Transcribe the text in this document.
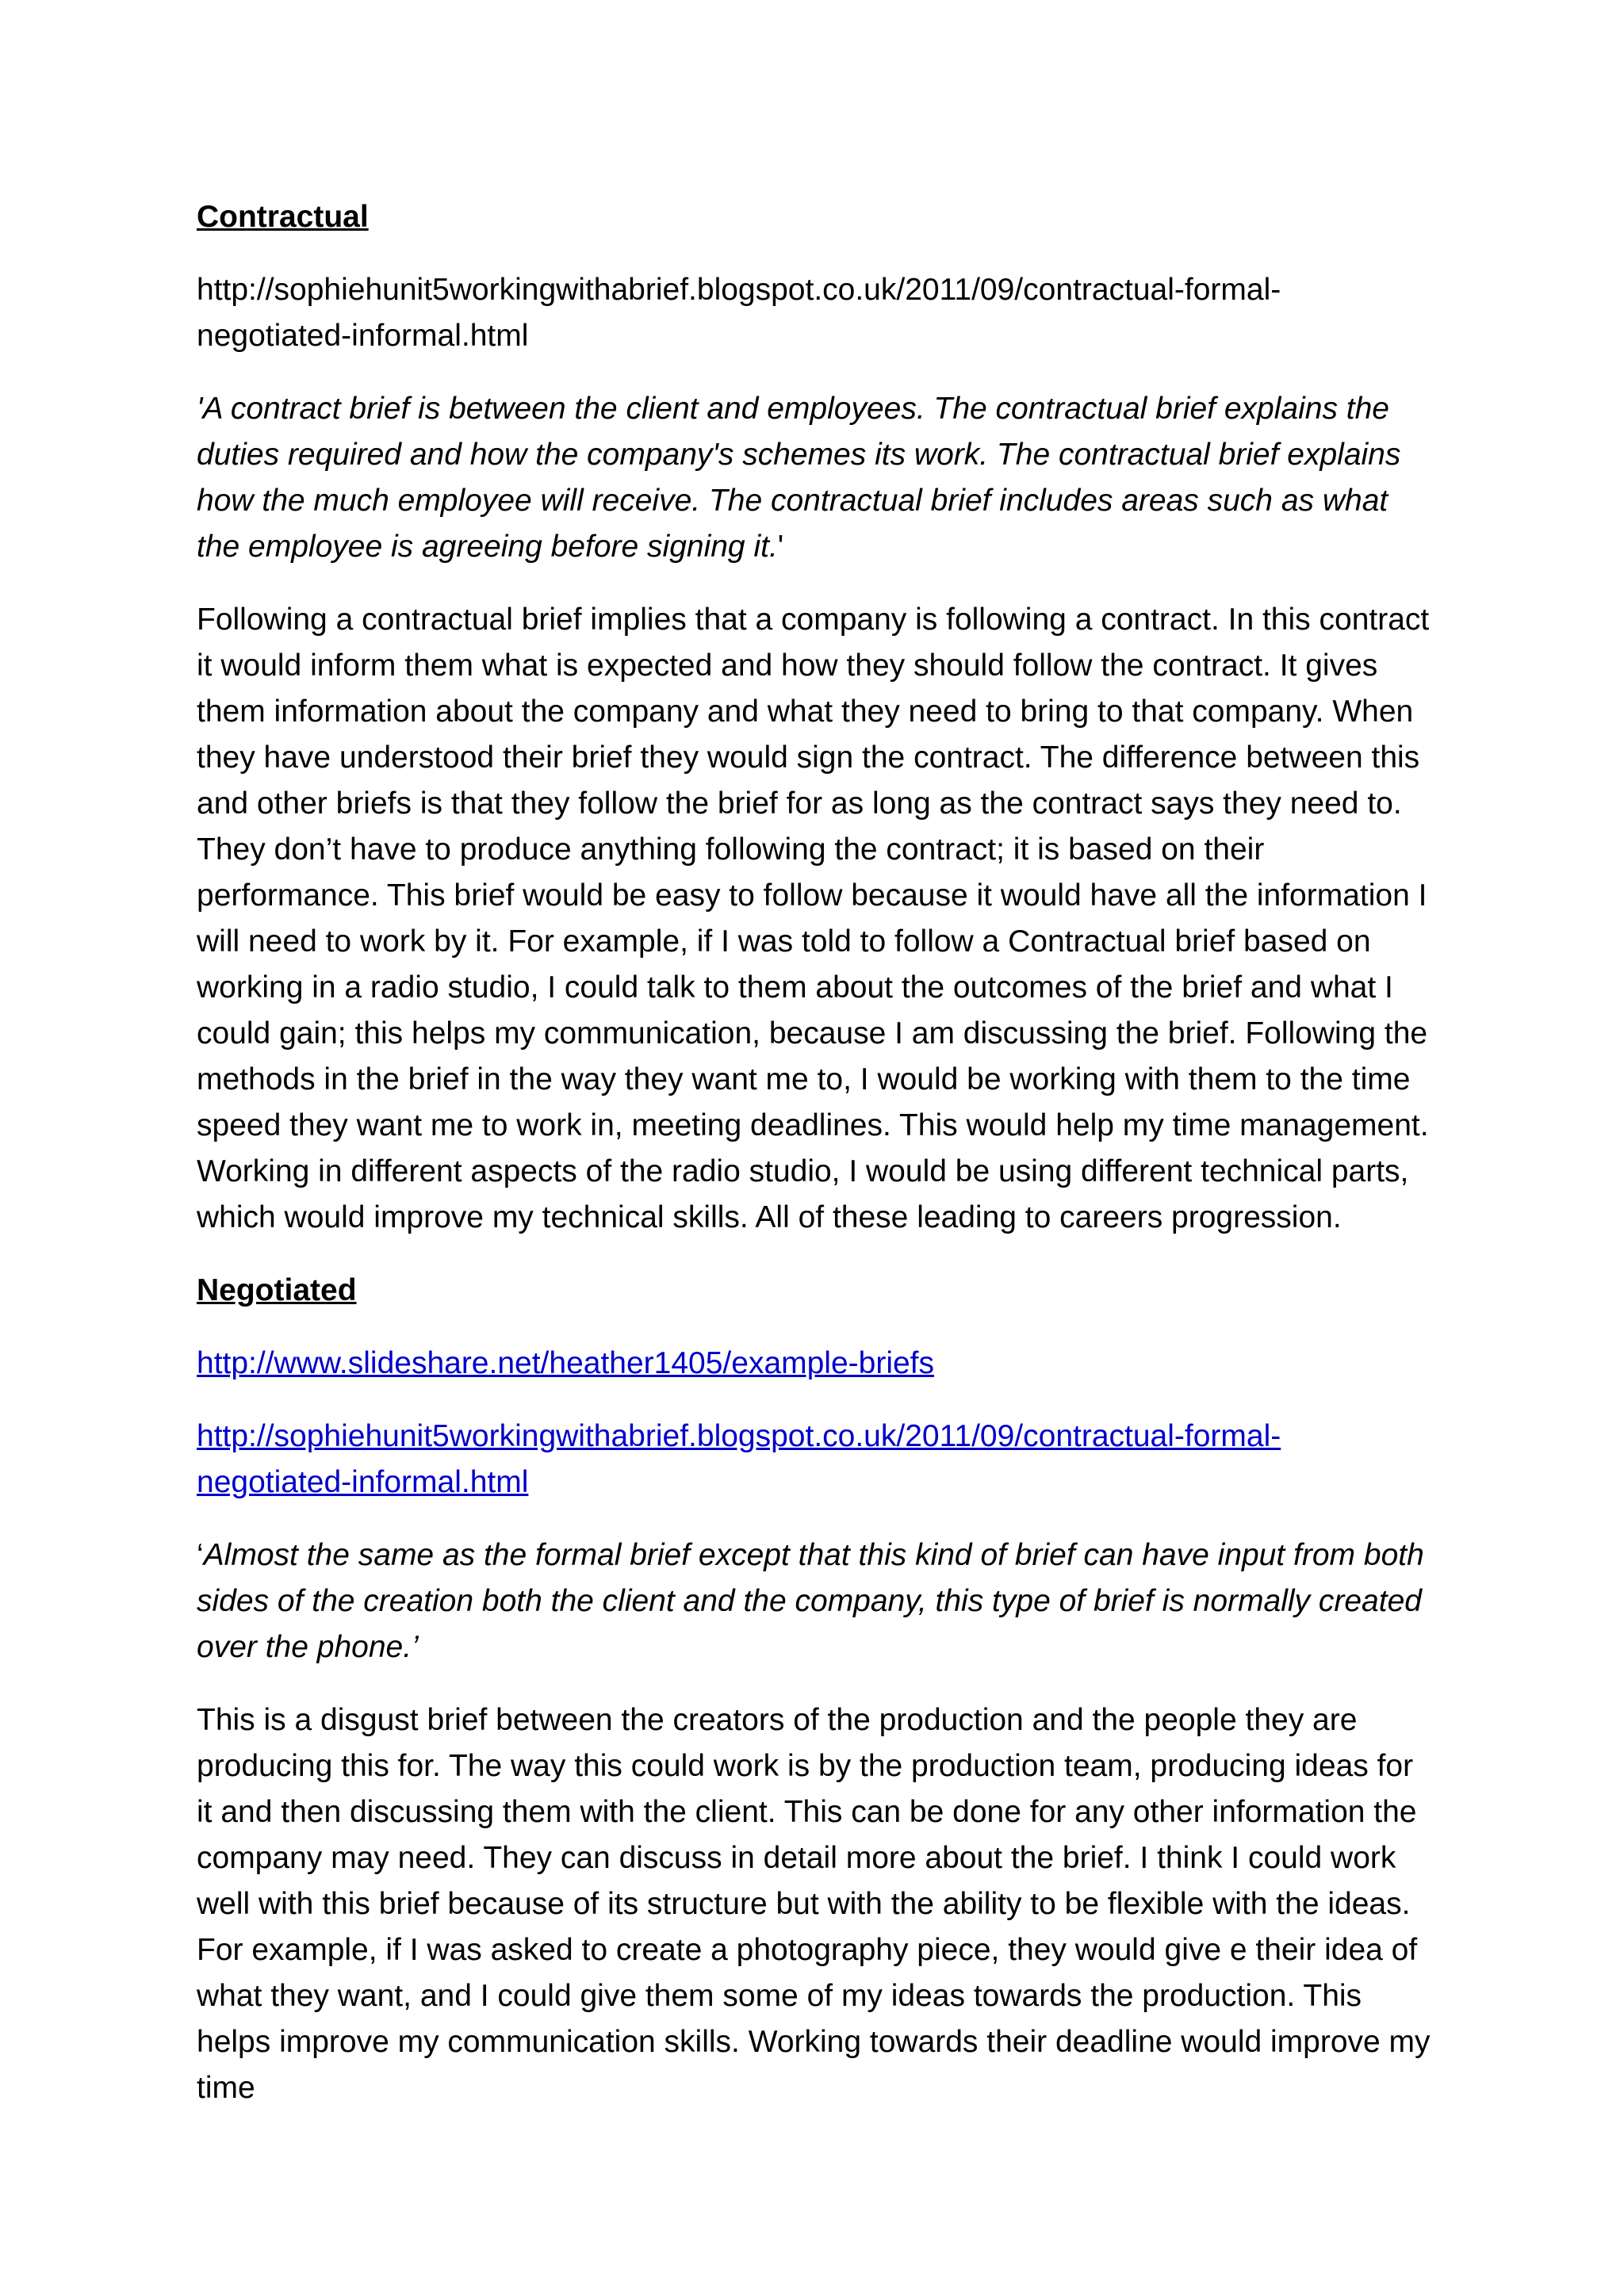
Contractual
http://sophiehunit5workingwithabrief.blogspot.co.uk/2011/09/contractual-formal-
negotiated-informal.html
'A contract brief is between the client and employees. The contractual brief explains the duties required and how the company's schemes its work. The contractual brief explains how the much employee will receive. The contractual brief includes areas such as what the employee is agreeing before signing it.'
Following a contractual brief implies that a company is following a contract. In this contract it would inform them what is expected and how they should follow the contract. It gives them information about the company and what they need to bring to that company. When they have understood their brief they would sign the contract. The difference between this and other briefs is that they follow the brief for as long as the contract says they need to. They don’t have to produce anything following the contract; it is based on their performance. This brief would be easy to follow because it would have all the information I will need to work by it. For example, if I was told to follow a Contractual brief based on working in a radio studio, I could talk to them about the outcomes of the brief and what I could gain; this helps my communication, because I am discussing the brief. Following the methods in the brief in the way they want me to, I would be working with them to the time speed they want me to work in, meeting deadlines. This would help my time management. Working in different aspects of the radio studio, I would be using different technical parts, which would improve my technical skills. All of these leading to careers progression.
Negotiated
http://www.slideshare.net/heather1405/example-briefs
http://sophiehunit5workingwithabrief.blogspot.co.uk/2011/09/contractual-formal-
negotiated-informal.html
‘Almost the same as the formal brief except that this kind of brief can have input from both sides of the creation both the client and the company, this type of brief is normally created over the phone.’
This is a disgust brief between the creators of the production and the people they are producing this for. The way this could work is by the production team, producing ideas for it and then discussing them with the client. This can be done for any other information the company may need. They can discuss in detail more about the brief. I think I could work well with this brief because of its structure but with the ability to be flexible with the ideas. For example, if I was asked to create a photography piece, they would give e their idea of what they want, and I could give them some of my ideas towards the production. This helps improve my communication skills. Working towards their deadline would improve my time
